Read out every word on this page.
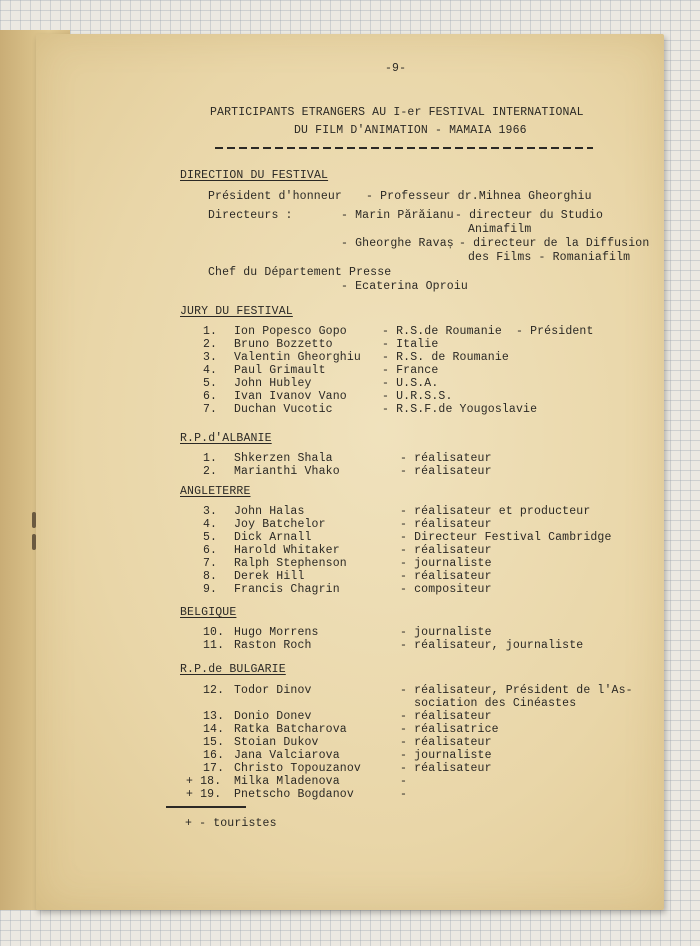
-9-
PARTICIPANTS ETRANGERS AU I-er FESTIVAL INTERNATIONAL
DU FILM D'ANIMATION - MAMAIA 1966
DIRECTION DU FESTIVAL
Président d'honneur - Professeur dr.Mihnea Gheorghiu
Directeurs :	- Marin Părăianu - directeur du Studio
Animafilm
- Gheorghe Ravaș - directeur de la Diffusion
des Films - Romaniafilm
Chef du Département Presse
- Ecaterina Oproiu
JURY DU FESTIVAL
1. Ion Popesco Gopo	- R.S.de Roumanie  - Président
2. Bruno Bozzetto	- Italie
3. Valentin Gheorghiu - R.S. de Roumanie
4. Paul Grimault	- France
5. John Hubley	- U.S.A.
6. Ivan Ivanov Vano	- U.R.S.S.
7. Duchan Vucotic	- R.S.F.de Yougoslavie
R.P.d'ALBANIE
1. Shkerzen Shala	- réalisateur
2. Marianthi Vhako	- réalisateur
ANGLETERRE
3. John Halas	- réalisateur et producteur
4. Joy Batchelor	- réalisateur
5. Dick Arnall	- Directeur Festival Cambridge
6. Harold Whitaker	- réalisateur
7. Ralph Stephenson	- journaliste
8. Derek Hill	- réalisateur
9. Francis Chagrin	- compositeur
BELGIQUE
10. Hugo Morrens	- journaliste
11. Raston Roch	- réalisateur, journaliste
R.P.de BULGARIE
12. Todor Dinov	- réalisateur, Président de l'As-
sociation des Cinéastes
13. Donio Donev	- réalisateur
14. Ratka Batcharova	- réalisatrice
15. Stoian Dukov	- réalisateur
16. Jana Valciarova	- journaliste
17. Christo Topouzanov	- réalisateur
+ 18. Milka Mladenova	-
+ 19. Pnetscho Bogdanov	-
+ - touristes
